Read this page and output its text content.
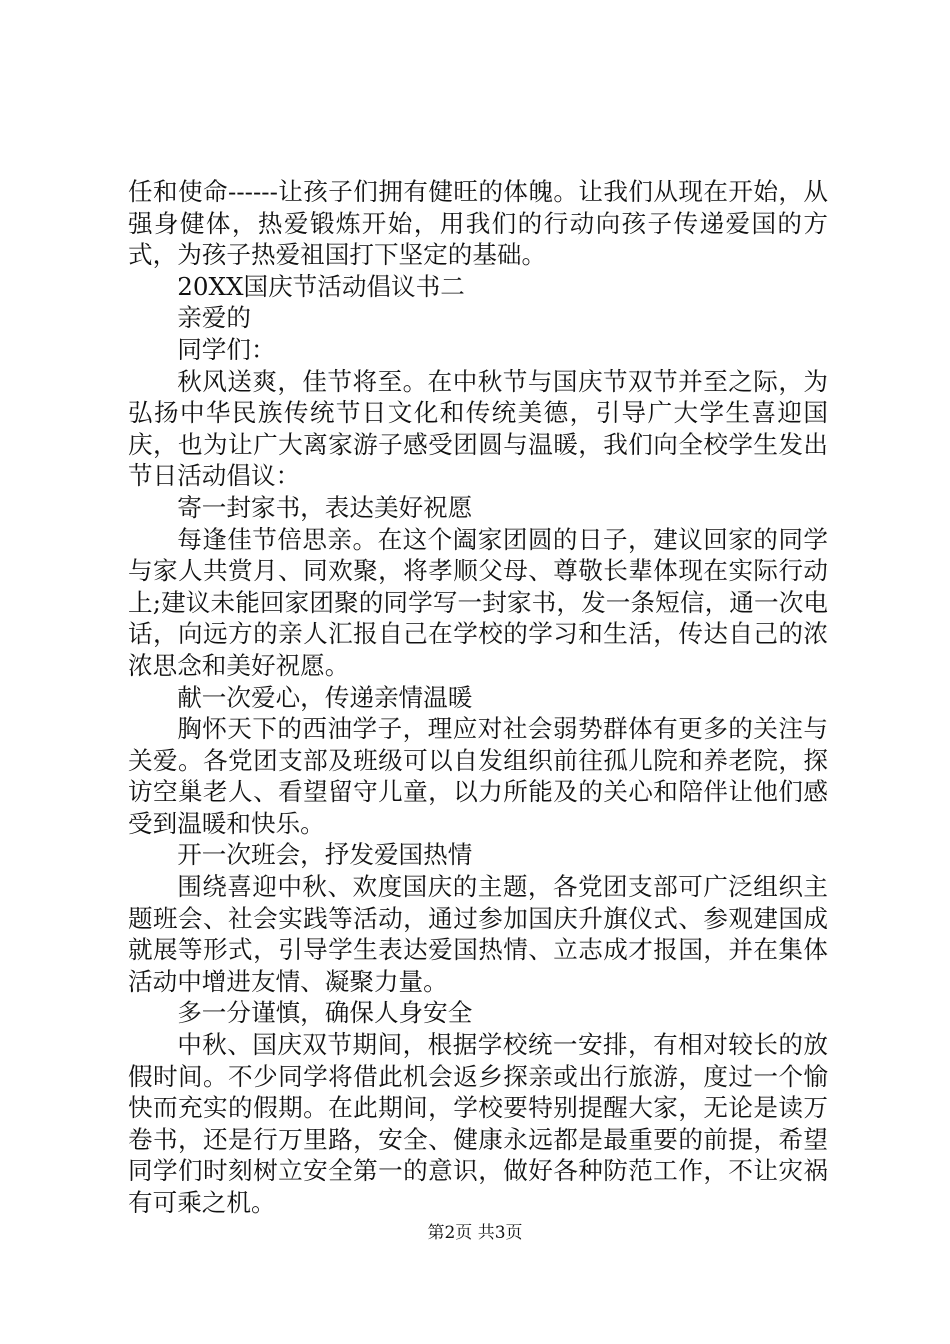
任和使命------让孩子们拥有健旺的体魄。让我们从现在开始，从强身健体，热爱锻炼开始，用我们的行动向孩子传递爱国的方式，为孩子热爱祖国打下坚定的基础。

20XX国庆节活动倡议书二

亲爱的

同学们：

秋风送爽，佳节将至。在中秋节与国庆节双节并至之际，为弘扬中华民族传统节日文化和传统美德，引导广大学生喜迎国庆，也为让广大离家游子感受团圆与温暖，我们向全校学生发出节日活动倡议：

寄一封家书，表达美好祝愿

每逢佳节倍思亲。在这个阖家团圆的日子，建议回家的同学与家人共赏月、同欢聚，将孝顺父母、尊敬长辈体现在实际行动上;建议未能回家团聚的同学写一封家书，发一条短信，通一次电话，向远方的亲人汇报自己在学校的学习和生活，传达自己的浓浓思念和美好祝愿。

献一次爱心，传递亲情温暖

胸怀天下的西油学子，理应对社会弱势群体有更多的关注与关爱。各党团支部及班级可以自发组织前往孤儿院和养老院，探访空巢老人、看望留守儿童，以力所能及的关心和陪伴让他们感受到温暖和快乐。

开一次班会，抒发爱国热情

围绕喜迎中秋、欢度国庆的主题，各党团支部可广泛组织主题班会、社会实践等活动，通过参加国庆升旗仪式、参观建国成就展等形式，引导学生表达爱国热情、立志成才报国，并在集体活动中增进友情、凝聚力量。

多一分谨慎，确保人身安全

中秋、国庆双节期间，根据学校统一安排，有相对较长的放假时间。不少同学将借此机会返乡探亲或出行旅游，度过一个愉快而充实的假期。在此期间，学校要特别提醒大家，无论是读万卷书，还是行万里路，安全、健康永远都是最重要的前提，希望同学们时刻树立安全第一的意识，做好各种防范工作，不让灾祸有可乘之机。

第2页 共3页
